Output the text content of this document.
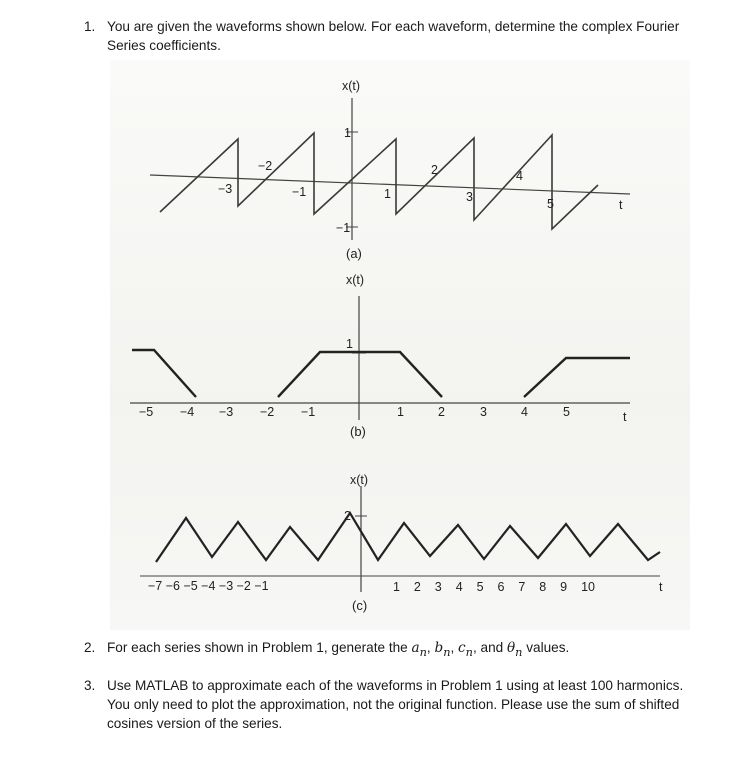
1. You are given the waveforms shown below. For each waveform, determine the complex Fourier Series coefficients.
x(t)
1
−1
−2	2	4
−3	−1	1	3	5	t
(a)
x(t)
1
−5 −4 −3 −2 −1	1	2	3	4	5	t
(b)
x(t)
2
−7 −6 −5 −4 −3 −2 −1	1  2  3  4  5  6  7  8  9  10	t
(c)
2. For each series shown in Problem 1, generate the $a_n$, $b_n$, $c_n$, and $\theta_n$ values.
3. Use MATLAB to approximate each of the waveforms in Problem 1 using at least 100 harmonics. You only need to plot the approximation, not the original function. Please use the sum of shifted cosines version of the series.
